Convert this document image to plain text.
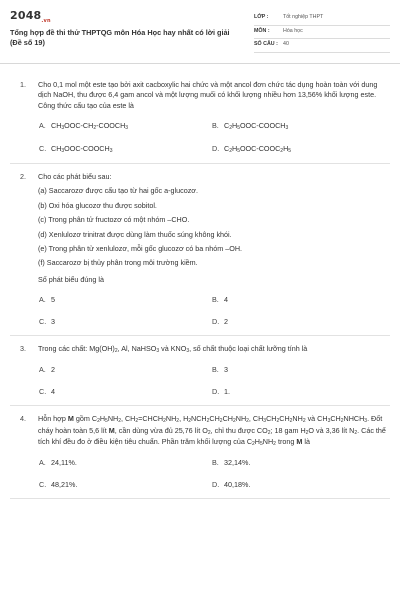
$2048_{.vn}$
Tổng hợp đề thi thử THPTQG môn Hóa Học hay nhất có lời giải (Đề số 19)
LỚP :	Tốt nghiệp THPT
MÔN :	Hóa học
SỐ CÂU : 40
1.	Cho 0,1 mol một este tạo bởi axit cacboxylic hai chức và một ancol đơn chức tác dụng hoàn toàn với dung dịch NaOH, thu được 6,4 gam ancol và một lượng muối có khối lượng nhiều hơn 13,56% khối lượng este. Công thức cấu tạo của este là
A. $CH_3OOC-CH_2-COOCH_3$	B. $C_2H_5OOC-COOCH_3$
C. $CH_3OOC-COOCH_3$	D. $C_2H_5OOC-COOC_2H_5$
2.	Cho các phát biểu sau:
(a) Saccarozơ được cấu tạo từ hai gốc a-glucozơ.
(b) Oxi hóa glucozơ thu được sobitol.
(c) Trong phân tử fructozơ có một nhóm –CHO.
(d) Xenlulozơ trinitrat được dùng làm thuốc súng không khói.
(e) Trong phân tử xenlulozơ, mỗi gốc glucozơ có ba nhóm –OH.
(f) Saccarozơ bị thủy phân trong môi trường kiềm.
Số phát biểu đúng là
A. 5	B. 4
C. 3	D. 2
3.	Trong các chất: $Mg(OH)_2$, Al, NaHSO$_3$ và $KNO_3$, số chất thuộc loại chất lưỡng tính là
A. 2	B. 3
C. 4	D. 1.
4.	Hỗn hợp M gồm $C_2H_5NH_2$, $CH_2=CHCH_2NH_2$, $H_2NCH_2CH_2CH_2NH_2$, $CH_3CH_2CH_2NH_2$ và $CH_3CH_2NHCH_3$. Đốt cháy hoàn toàn 5,6 lít M, cần dùng vừa đủ 25,76 lít $O_2$, chỉ thu được $CO_2$; 18 gam $H_2O$ và 3,36 lít $N_2$. Các thể tích khí đều đo ở điều kiện tiêu chuẩn. Phần trăm khối lượng của $C_2H_5NH_2$ trong M là
A. 24,11%.	B. 32,14%.
C. 48,21%.	D. 40,18%.
